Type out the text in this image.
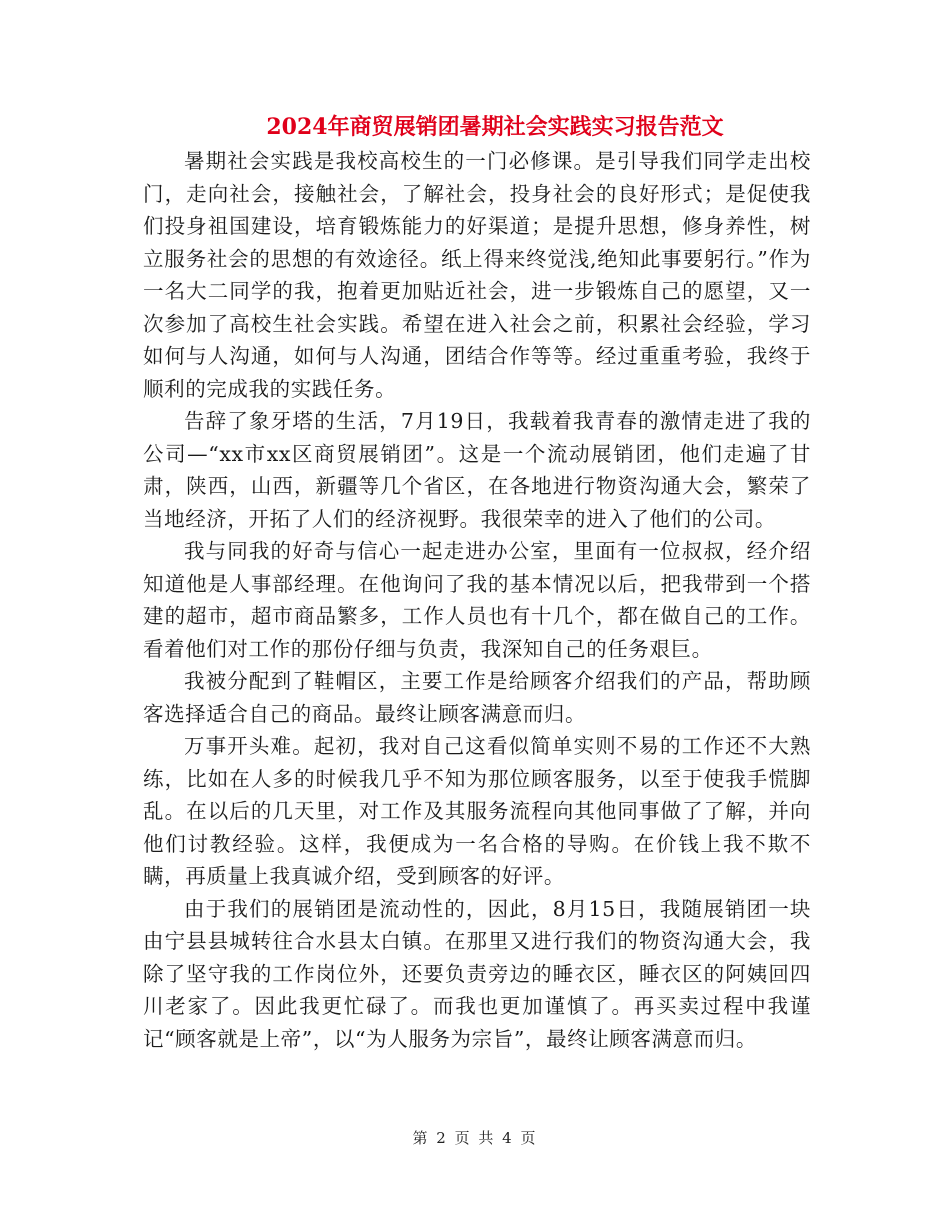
2024年商贸展销团暑期社会实践实习报告范文

暑期社会实践是我校高校生的一门必修课。是引导我们同学走出校门，走向社会，接触社会，了解社会，投身社会的良好形式；是促使我们投身祖国建设，培育锻炼能力的好渠道；是提升思想，修身养性，树立服务社会的思想的有效途径。纸上得来终觉浅,绝知此事要躬行。”作为一名大二同学的我，抱着更加贴近社会，进一步锻炼自己的愿望，又一次参加了高校生社会实践。希望在进入社会之前，积累社会经验，学习如何与人沟通，如何与人沟通，团结合作等等。经过重重考验，我终于顺利的完成我的实践任务。

告辞了象牙塔的生活，7月19日，我载着我青春的激情走进了我的公司—“xx市xx区商贸展销团”。这是一个流动展销团，他们走遍了甘肃，陕西，山西，新疆等几个省区，在各地进行物资沟通大会，繁荣了当地经济，开拓了人们的经济视野。我很荣幸的进入了他们的公司。

我与同我的好奇与信心一起走进办公室，里面有一位叔叔，经介绍知道他是人事部经理。在他询问了我的基本情况以后，把我带到一个搭建的超市，超市商品繁多，工作人员也有十几个，都在做自己的工作。看着他们对工作的那份仔细与负责，我深知自己的任务艰巨。

我被分配到了鞋帽区，主要工作是给顾客介绍我们的产品，帮助顾客选择适合自己的商品。最终让顾客满意而归。

万事开头难。起初，我对自己这看似简单实则不易的工作还不大熟练，比如在人多的时候我几乎不知为那位顾客服务，以至于使我手慌脚乱。在以后的几天里，对工作及其服务流程向其他同事做了了解，并向他们讨教经验。这样，我便成为一名合格的导购。在价钱上我不欺不瞒，再质量上我真诚介绍，受到顾客的好评。

由于我们的展销团是流动性的，因此，8月15日，我随展销团一块由宁县县城转往合水县太白镇。在那里又进行我们的物资沟通大会，我除了坚守我的工作岗位外，还要负责旁边的睡衣区，睡衣区的阿姨回四川老家了。因此我更忙碌了。而我也更加谨慎了。再买卖过程中我谨记“顾客就是上帝”，以“为人服务为宗旨”，最终让顾客满意而归。

第 2 页 共 4 页
